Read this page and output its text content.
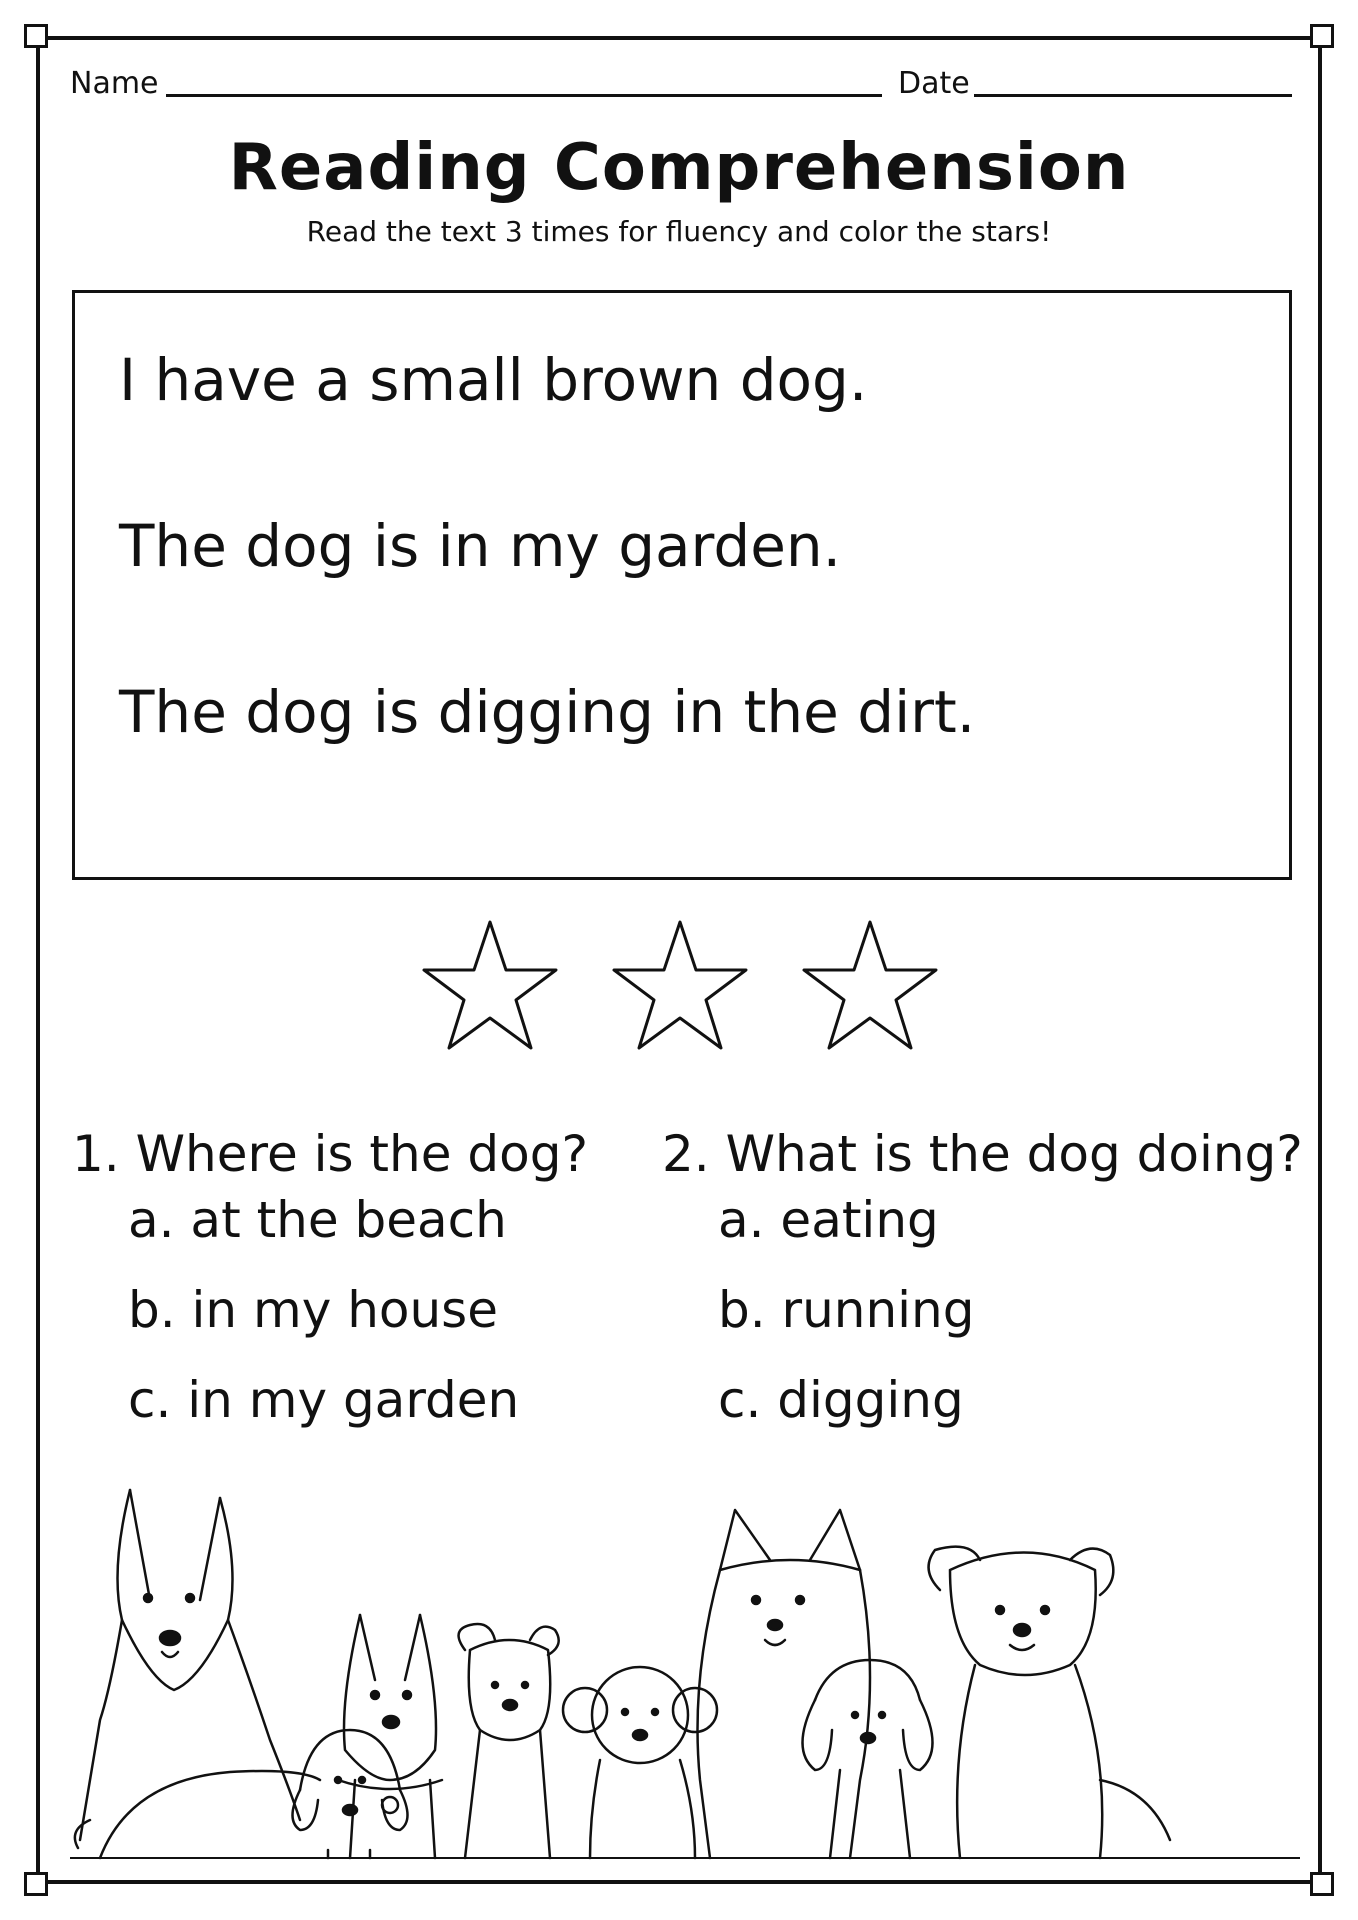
Name	Date
Reading Comprehension
Read the text 3 times for fluency and color the stars!
I have a small brown dog.
The dog is in my garden.
The dog is digging in the dirt.
1. Where is the dog?
a. at the beach
b. in my house
c. in my garden
2. What is the dog doing?
a. eating
b. running
c. digging
